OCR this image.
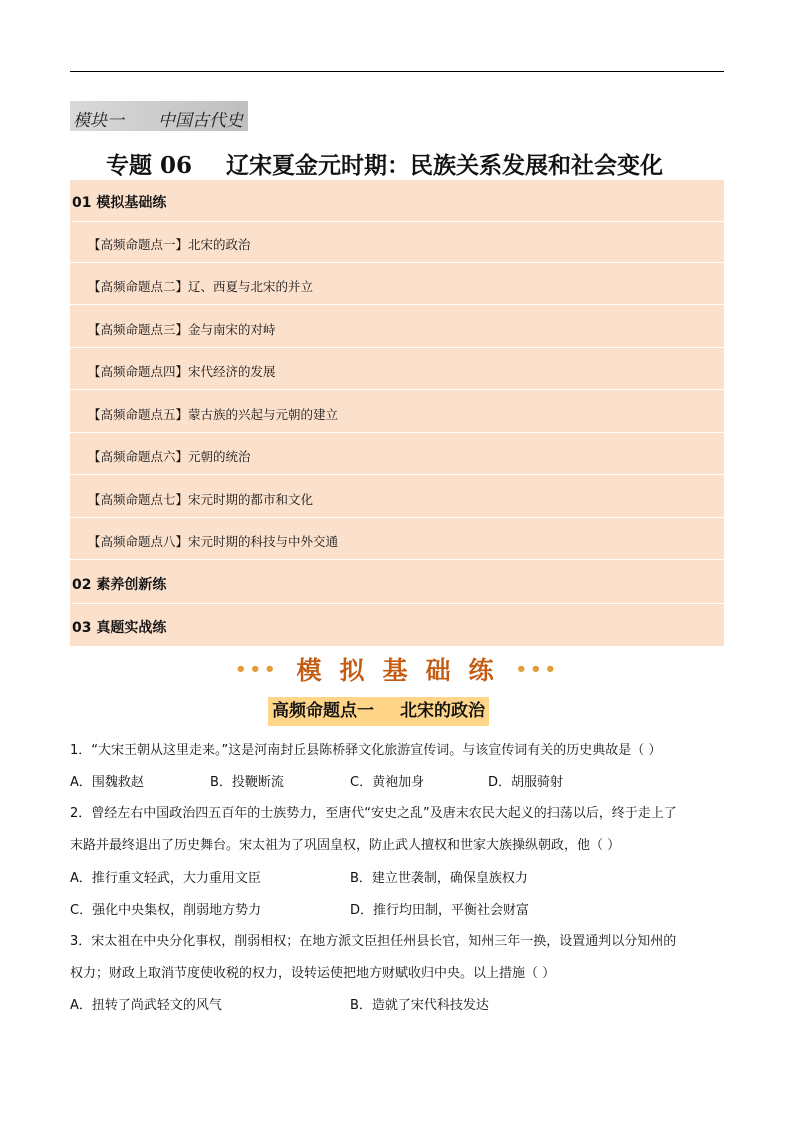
模块一 中国古代史
专题 06 辽宋夏金元时期：民族关系发展和社会变化
01 模拟基础练
【高频命题点一】北宋的政治
【高频命题点二】辽、西夏与北宋的并立
【高频命题点三】金与南宋的对峙
【高频命题点四】宋代经济的发展
【高频命题点五】蒙古族的兴起与元朝的建立
【高频命题点六】元朝的统治
【高频命题点七】宋元时期的都市和文化
【高频命题点八】宋元时期的科技与中外交通
02 素养创新练
03 真题实战练
••• 模拟基础练 •••
高频命题点一 北宋的政治
1．“大宋王朝从这里走来。”这是河南封丘县陈桥驿文化旅游宣传词。与该宣传词有关的历史典故是（ ）
A．围魏救赵	B．投鞭断流	C．黄袍加身	D．胡服骑射
2．曾经左右中国政治四五百年的士族势力，至唐代“安史之乱”及唐末农民大起义的扫荡以后，终于走上了
末路并最终退出了历史舞台。宋太祖为了巩固皇权，防止武人擅权和世家大族操纵朝政，他（ ）
A．推行重文轻武，大力重用文臣	B．建立世袭制，确保皇族权力
C．强化中央集权，削弱地方势力	D．推行均田制，平衡社会财富
3．宋太祖在中央分化事权，削弱相权；在地方派文臣担任州县长官，知州三年一换，设置通判以分知州的
权力；财政上取消节度使收税的权力，设转运使把地方财赋收归中央。以上措施（ ）
A．扭转了尚武轻文的风气	B．造就了宋代科技发达
